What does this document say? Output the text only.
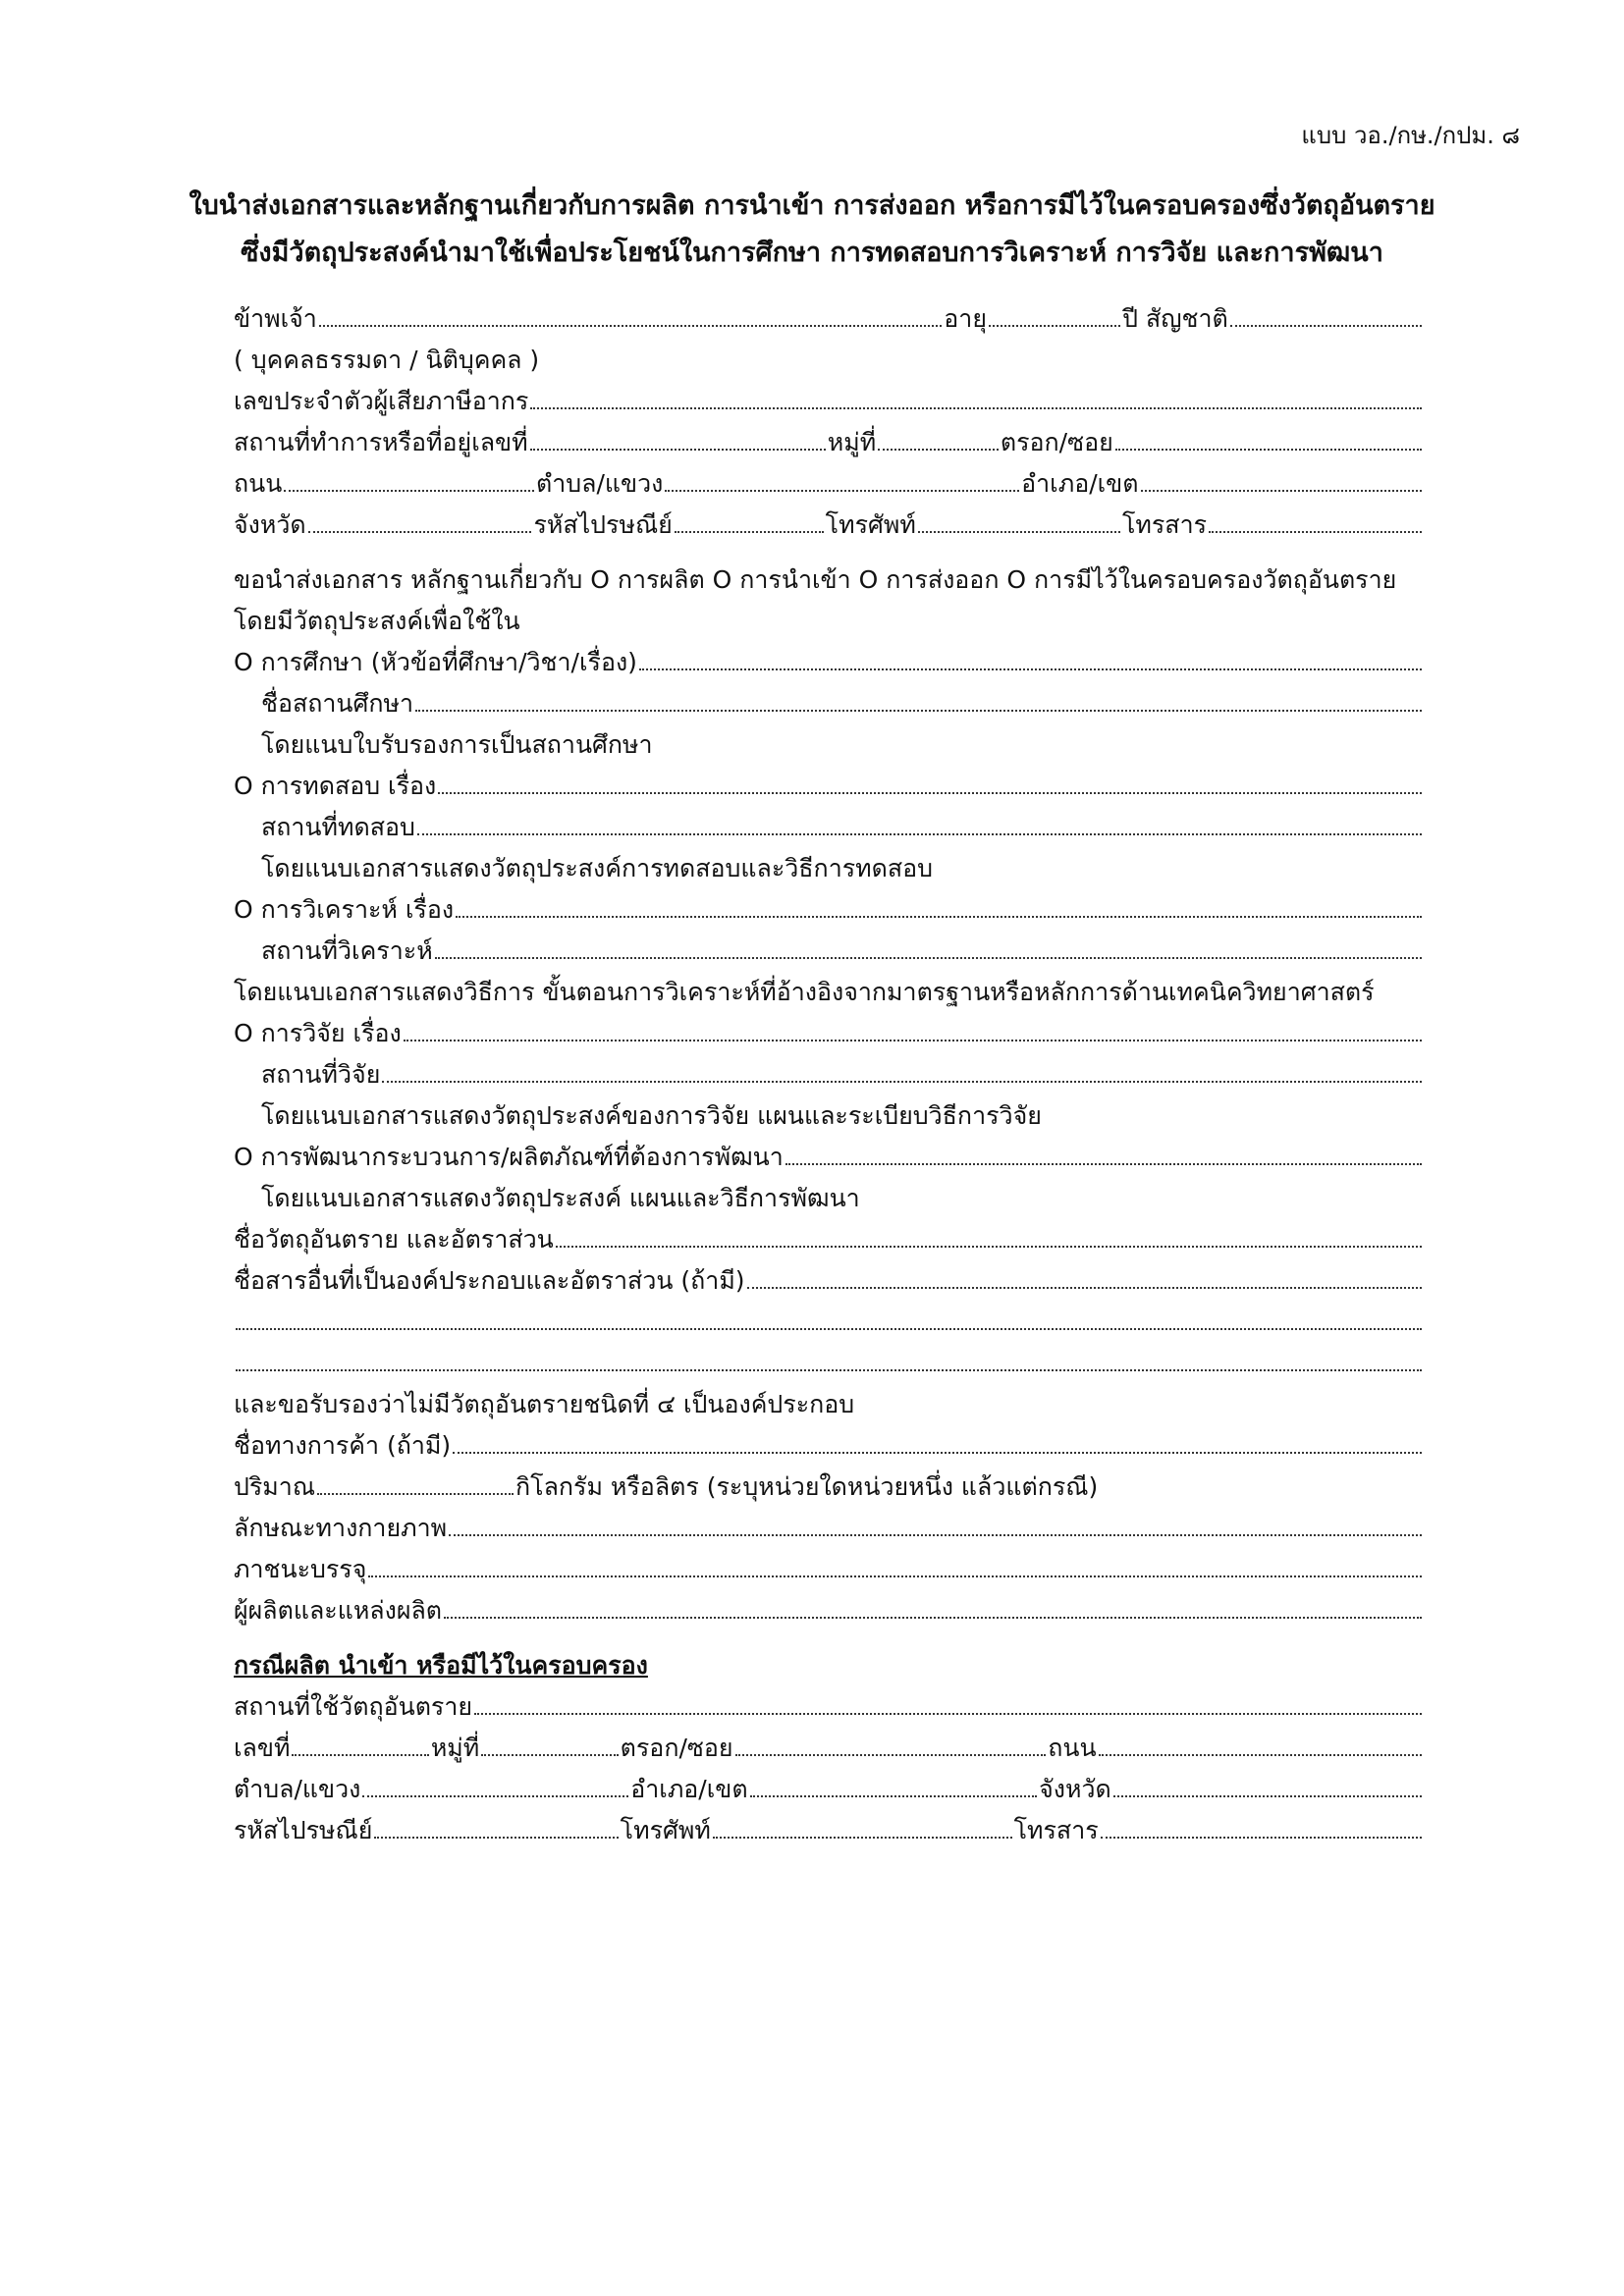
แบบ วอ./กษ./กปม. ๘
ใบนำส่งเอกสารและหลักฐานเกี่ยวกับการผลิต การนำเข้า การส่งออก หรือการมีไว้ในครอบครองซึ่งวัตถุอันตราย
ซึ่งมีวัตถุประสงค์นำมาใช้เพื่อประโยชน์ในการศึกษา การทดสอบการวิเคราะห์ การวิจัย และการพัฒนา
ข้าพเจ้า	อายุ	ปี สัญชาติ
( บุคคลธรรมดา / นิติบุคคล )
เลขประจำตัวผู้เสียภาษีอากร
สถานที่ทำการหรือที่อยู่เลขที่	หมู่ที่	ตรอก/ซอย
ถนน	ตำบล/แขวง	อำเภอ/เขต
จังหวัด	รหัสไปรษณีย์	โทรศัพท์	โทรสาร
ขอนำส่งเอกสาร หลักฐานเกี่ยวกับ O การผลิต O การนำเข้า O การส่งออก O การมีไว้ในครอบครองวัตถุอันตราย
โดยมีวัตถุประสงค์เพื่อใช้ใน
O การศึกษา (หัวข้อที่ศึกษา/วิชา/เรื่อง)
ชื่อสถานศึกษา
โดยแนบใบรับรองการเป็นสถานศึกษา
O การทดสอบ เรื่อง
สถานที่ทดสอบ
โดยแนบเอกสารแสดงวัตถุประสงค์การทดสอบและวิธีการทดสอบ
O การวิเคราะห์ เรื่อง
สถานที่วิเคราะห์
โดยแนบเอกสารแสดงวิธีการ ขั้นตอนการวิเคราะห์ที่อ้างอิงจากมาตรฐานหรือหลักการด้านเทคนิควิทยาศาสตร์
O การวิจัย เรื่อง
สถานที่วิจัย
โดยแนบเอกสารแสดงวัตถุประสงค์ของการวิจัย แผนและระเบียบวิธีการวิจัย
O การพัฒนากระบวนการ/ผลิตภัณฑ์ที่ต้องการพัฒนา
โดยแนบเอกสารแสดงวัตถุประสงค์ แผนและวิธีการพัฒนา
ชื่อวัตถุอันตราย และอัตราส่วน
ชื่อสารอื่นที่เป็นองค์ประกอบและอัตราส่วน (ถ้ามี)
และขอรับรองว่าไม่มีวัตถุอันตรายชนิดที่ ๔ เป็นองค์ประกอบ
ชื่อทางการค้า (ถ้ามี)
ปริมาณ	กิโลกรัม หรือลิตร (ระบุหน่วยใดหน่วยหนึ่ง แล้วแต่กรณี)
ลักษณะทางกายภาพ
ภาชนะบรรจุ
ผู้ผลิตและแหล่งผลิต
กรณีผลิต นำเข้า หรือมีไว้ในครอบครอง
สถานที่ใช้วัตถุอันตราย
เลขที่	หมู่ที่	ตรอก/ซอย	ถนน
ตำบล/แขวง	อำเภอ/เขต	จังหวัด
รหัสไปรษณีย์	โทรศัพท์	โทรสาร
